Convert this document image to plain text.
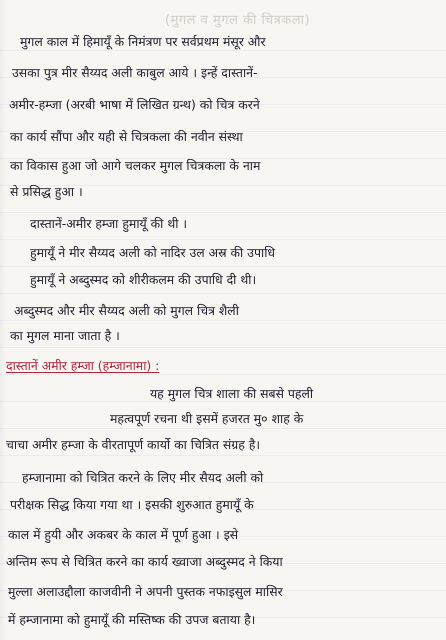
(मुगल व मुगल की चित्रकला)
मुगल काल में हिमायूँ के निमंत्रण पर सर्वप्रथम मंसूर और
उसका पुत्र मीर सैय्यद अली काबुल आये । इन्हें दास्तानें-
अमीर-हम्जा (अरबी भाषा में लिखित ग्रन्थ) को चित्र करने
का कार्य सौंपा और यही से चित्रकला की नवीन संस्था
का विकास हुआ जो आगे चलकर मुगल चित्रकला के नाम
से प्रसिद्ध हुआ ।
दास्तानें-अमीर हम्जा हुमायूँ की थी ।
हुमायूँ ने मीर सैय्यद अली को नादिर उल अस्र की उपाधि
हुमायूँ ने अब्दुस्मद को शीरीकलम की उपाधि दी थी।
अब्दुस्मद और मीर सैय्यद अली को मुगल चित्र शैली
का मुगल माना जाता है ।
दास्तानें अमीर हम्जा (हम्जानामा) :
यह मुगल चित्र शाला की सबसे पहली
महत्वपूर्ण रचना थी इसमें हजरत मु० शाह के
चाचा अमीर हम्जा के वीरतापूर्ण कार्यो का चित्रित संग्रह है।
हम्जानामा को चित्रित करने के लिए मीर सैयद अली को
परीक्षक सिद्ध किया गया था । इसकी शुरुआत हुमायूँ के
काल में हुयी और अकबर के काल में पूर्ण हुआ । इसे
अन्तिम रूप से चित्रित करने का कार्य ख्वाजा अब्दुस्मद ने किया
मुल्ला अलाउद्दौला काजवीनी ने अपनी पुस्तक नफाइसुल मासिर
में हम्जानामा को हुमायूँ की मस्तिष्क की उपज बताया है।
